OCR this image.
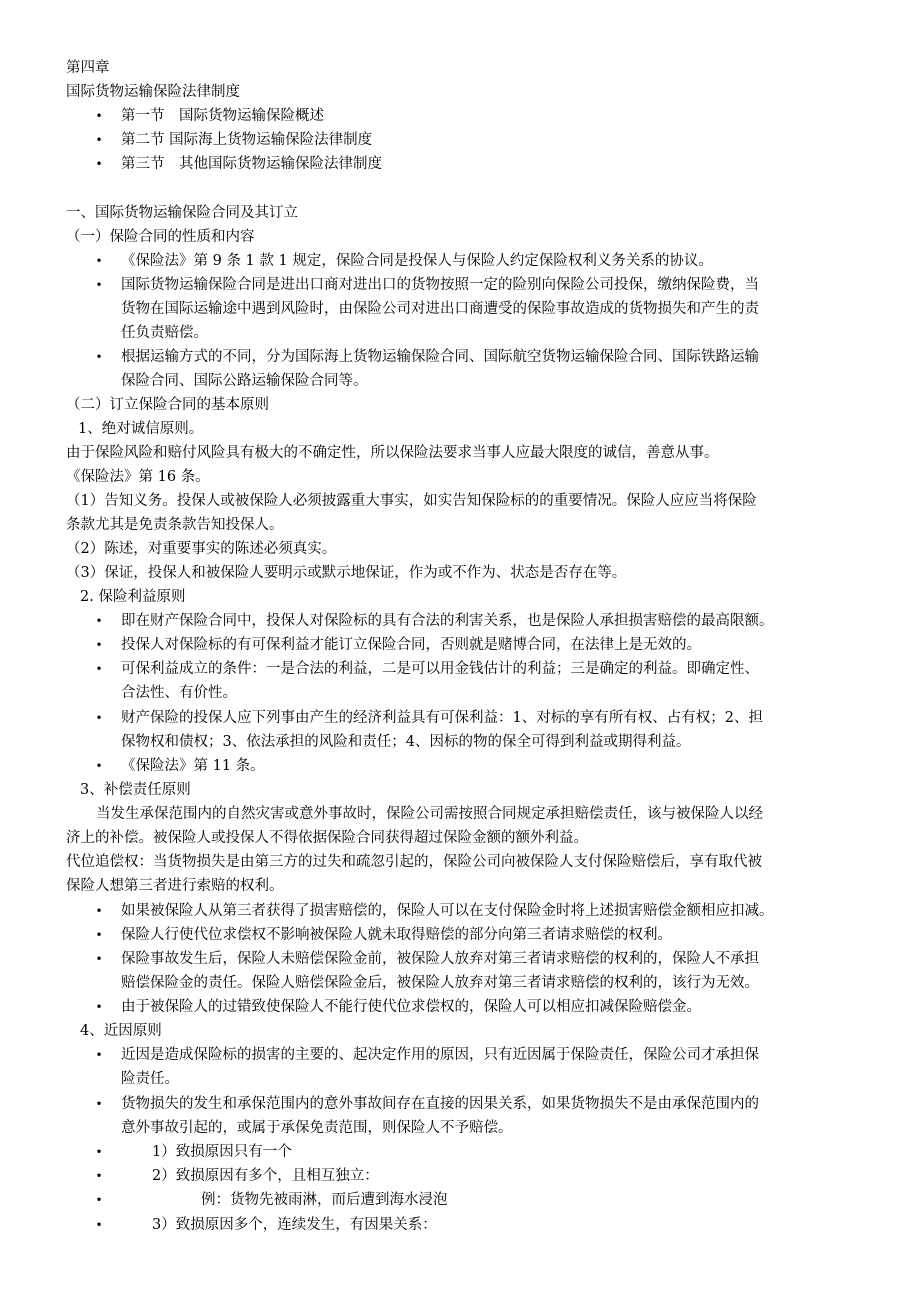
第四章
国际货物运输保险法律制度
• 第一节　国际货物运输保险概述
• 第二节 国际海上货物运输保险法律制度
• 第三节　其他国际货物运输保险法律制度
一、国际货物运输保险合同及其订立
（一）保险合同的性质和内容
• 《保险法》第 9 条 1 款 1 规定，保险合同是投保人与保险人约定保险权利义务关系的协议。
• 国际货物运输保险合同是进出口商对进出口的货物按照一定的险别向保险公司投保，缴纳保险费，当
货物在国际运输途中遇到风险时，由保险公司对进出口商遭受的保险事故造成的货物损失和产生的责
任负责赔偿。
• 根据运输方式的不同，分为国际海上货物运输保险合同、国际航空货物运输保险合同、国际铁路运输
保险合同、国际公路运输保险合同等。
（二）订立保险合同的基本原则
1、绝对诚信原则。
由于保险风险和赔付风险具有极大的不确定性，所以保险法要求当事人应最大限度的诚信，善意从事。
《保险法》第 16 条。
（1）告知义务。投保人或被保险人必须披露重大事实，如实告知保险标的的重要情况。保险人应应当将保险
条款尤其是免责条款告知投保人。
（2）陈述，对重要事实的陈述必须真实。
（3）保证，投保人和被保险人要明示或默示地保证，作为或不作为、状态是否存在等。
2. 保险利益原则
• 即在财产保险合同中，投保人对保险标的具有合法的利害关系，也是保险人承担损害赔偿的最高限额。
• 投保人对保险标的有可保利益才能订立保险合同，否则就是赌博合同，在法律上是无效的。
• 可保利益成立的条件：一是合法的利益，二是可以用金钱估计的利益；三是确定的利益。即确定性、
合法性、有价性。
• 财产保险的投保人应下列事由产生的经济利益具有可保利益：1、对标的享有所有权、占有权；2、担
保物权和债权；3、依法承担的风险和责任；4、因标的物的保全可得到利益或期得利益。
• 《保险法》第 11 条。
3、补偿责任原则
当发生承保范围内的自然灾害或意外事故时，保险公司需按照合同规定承担赔偿责任，该与被保险人以经
济上的补偿。被保险人或投保人不得依据保险合同获得超过保险金额的额外利益。
代位追偿权：当货物损失是由第三方的过失和疏忽引起的，保险公司向被保险人支付保险赔偿后，享有取代被
保险人想第三者进行索赔的权利。
• 如果被保险人从第三者获得了损害赔偿的，保险人可以在支付保险金时将上述损害赔偿金额相应扣减。
• 保险人行使代位求偿权不影响被保险人就未取得赔偿的部分向第三者请求赔偿的权利。
• 保险事故发生后，保险人未赔偿保险金前，被保险人放弃对第三者请求赔偿的权利的，保险人不承担
赔偿保险金的责任。保险人赔偿保险金后，被保险人放弃对第三者请求赔偿的权利的，该行为无效。
• 由于被保险人的过错致使保险人不能行使代位求偿权的，保险人可以相应扣减保险赔偿金。
4、近因原则
• 近因是造成保险标的损害的主要的、起决定作用的原因，只有近因属于保险责任，保险公司才承担保
险责任。
• 货物损失的发生和承保范围内的意外事故间存在直接的因果关系，如果货物损失不是由承保范围内的
意外事故引起的，或属于承保免责范围，则保险人不予赔偿。
•	1）致损原因只有一个
•	2）致损原因有多个，且相互独立：
•	例：货物先被雨淋，而后遭到海水浸泡
•	3）致损原因多个，连续发生，有因果关系：
